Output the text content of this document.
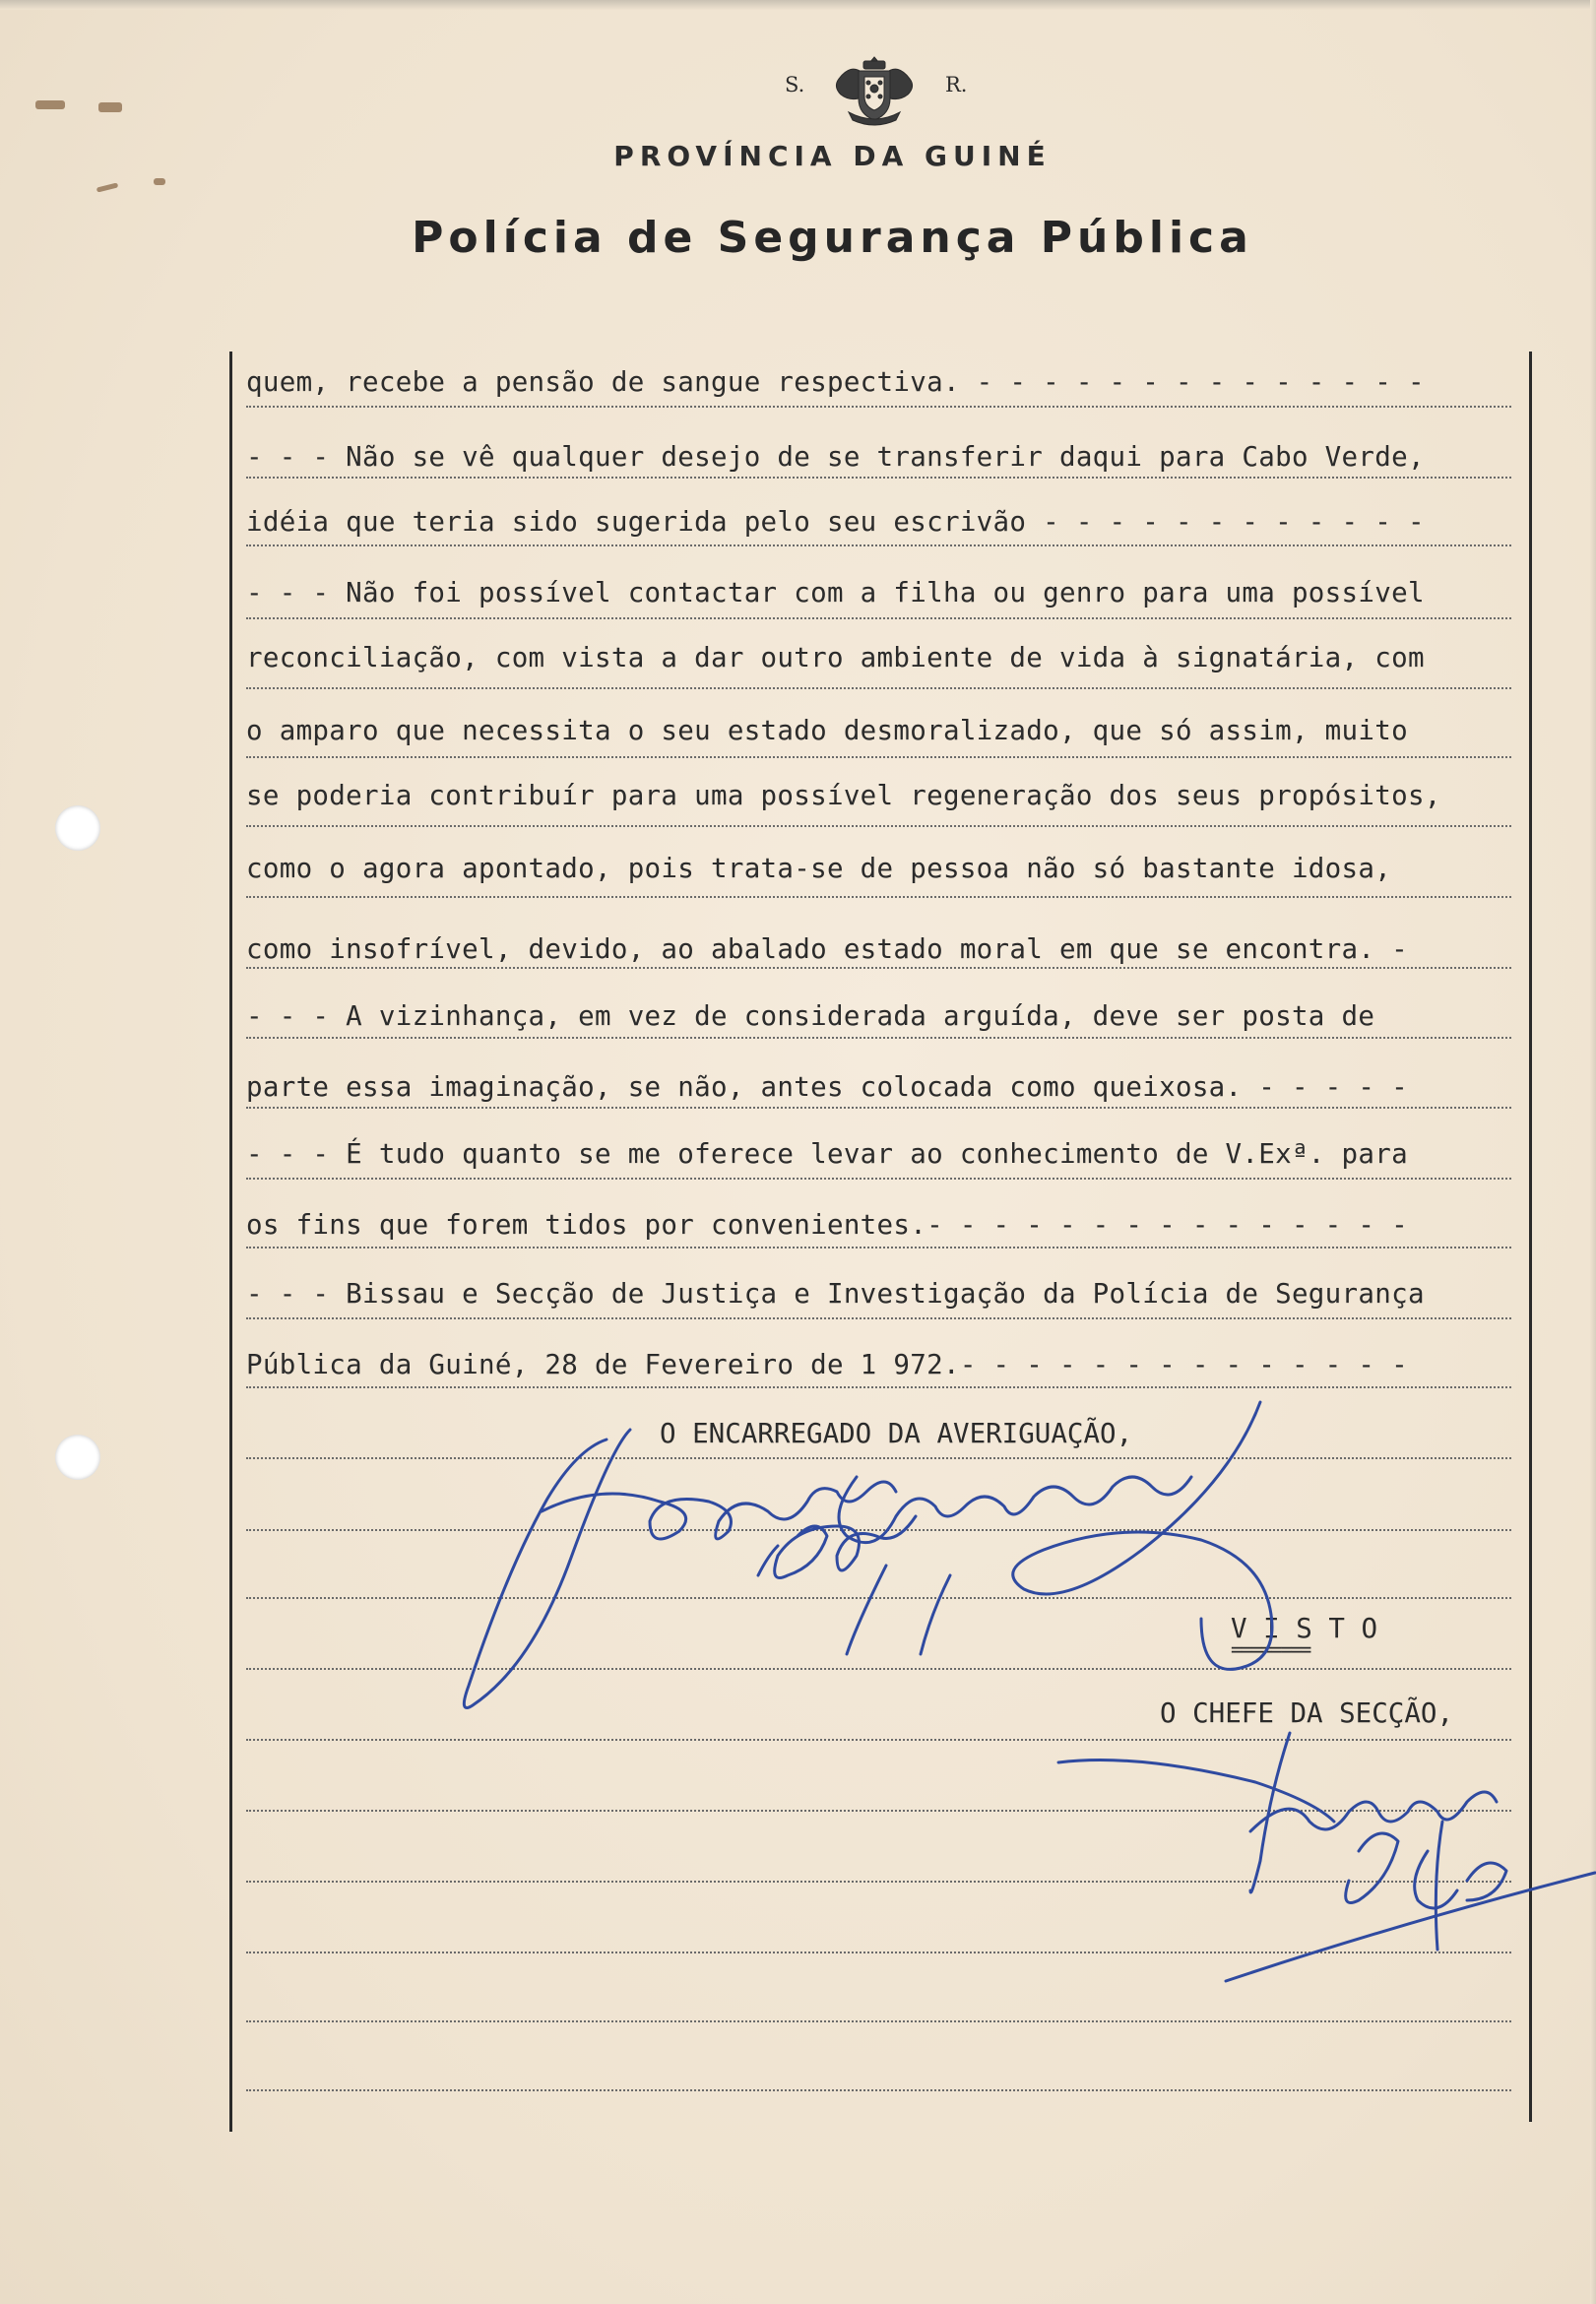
S.	R.
PROVÍNCIA DA GUINÉ
Polícia de Segurança Pública
quem, recebe a pensão de sangue respectiva. - - - - - - - - - - - - - -
- - - Não se vê qualquer desejo de se transferir daqui para Cabo Verde,
idéia que teria sido sugerida pelo seu escrivão - - - - - - - - - - - -
- - - Não foi possível contactar com a filha ou genro para uma possível
reconciliação, com vista a dar outro ambiente de vida à signatária, com
o amparo que necessita o seu estado desmoralizado, que só assim, muito
se poderia contribuír para uma possível regeneração dos seus propósitos,
como o agora apontado, pois trata-se de pessoa não só bastante idosa,
como insofrível, devido, ao abalado estado moral em que se encontra. -
- - - A vizinhança, em vez de considerada arguída, deve ser posta de
parte essa imaginação, se não, antes colocada como queixosa. - - - - -
- - - É tudo quanto se me oferece levar ao conhecimento de V.Exª. para
os fins que forem tidos por convenientes.- - - - - - - - - - - - - - -
- - - Bissau e Secção de Justiça e Investigação da Polícia de Segurança
Pública da Guiné, 28 de Fevereiro de 1 972.- - - - - - - - - - - - - -
O ENCARREGADO DA AVERIGUAÇÃO,
V I S T O
========
O CHEFE DA SECÇÃO,
